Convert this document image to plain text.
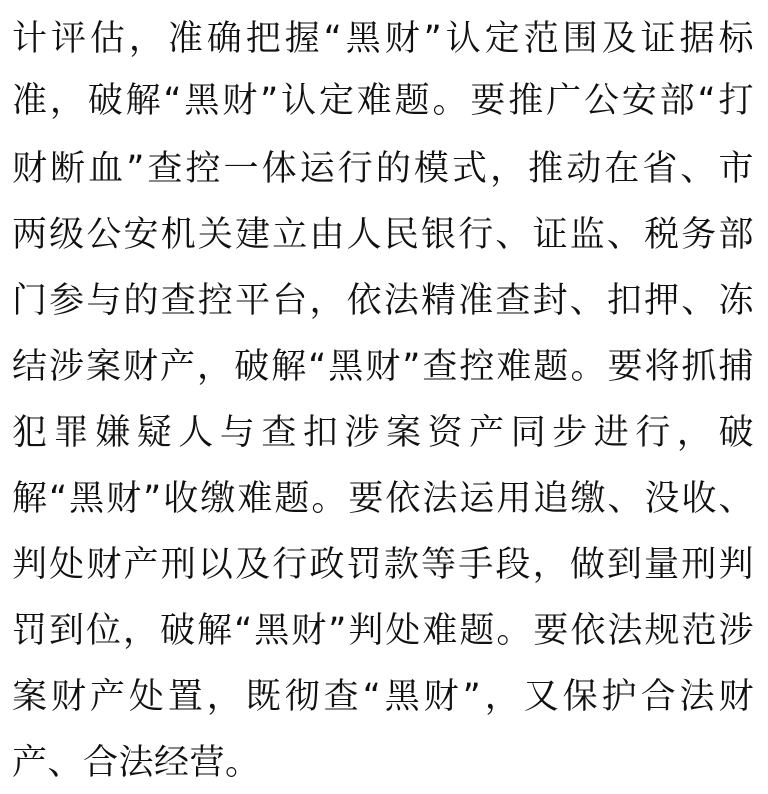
计评估，准确把握“黑财”认定范围及证据标
准，破解“黑财”认定难题。要推广公安部“打
财断血”查控一体运行的模式，推动在省、市
两级公安机关建立由人民银行、证监、税务部
门参与的查控平台，依法精准查封、扣押、冻
结涉案财产，破解“黑财”查控难题。要将抓捕
犯罪嫌疑人与查扣涉案资产同步进行，破
解“黑财”收缴难题。要依法运用追缴、没收、
判处财产刑以及行政罚款等手段，做到量刑判
罚到位，破解“黑财”判处难题。要依法规范涉
案财产处置，既彻查“黑财”，又保护合法财
产、合法经营。
